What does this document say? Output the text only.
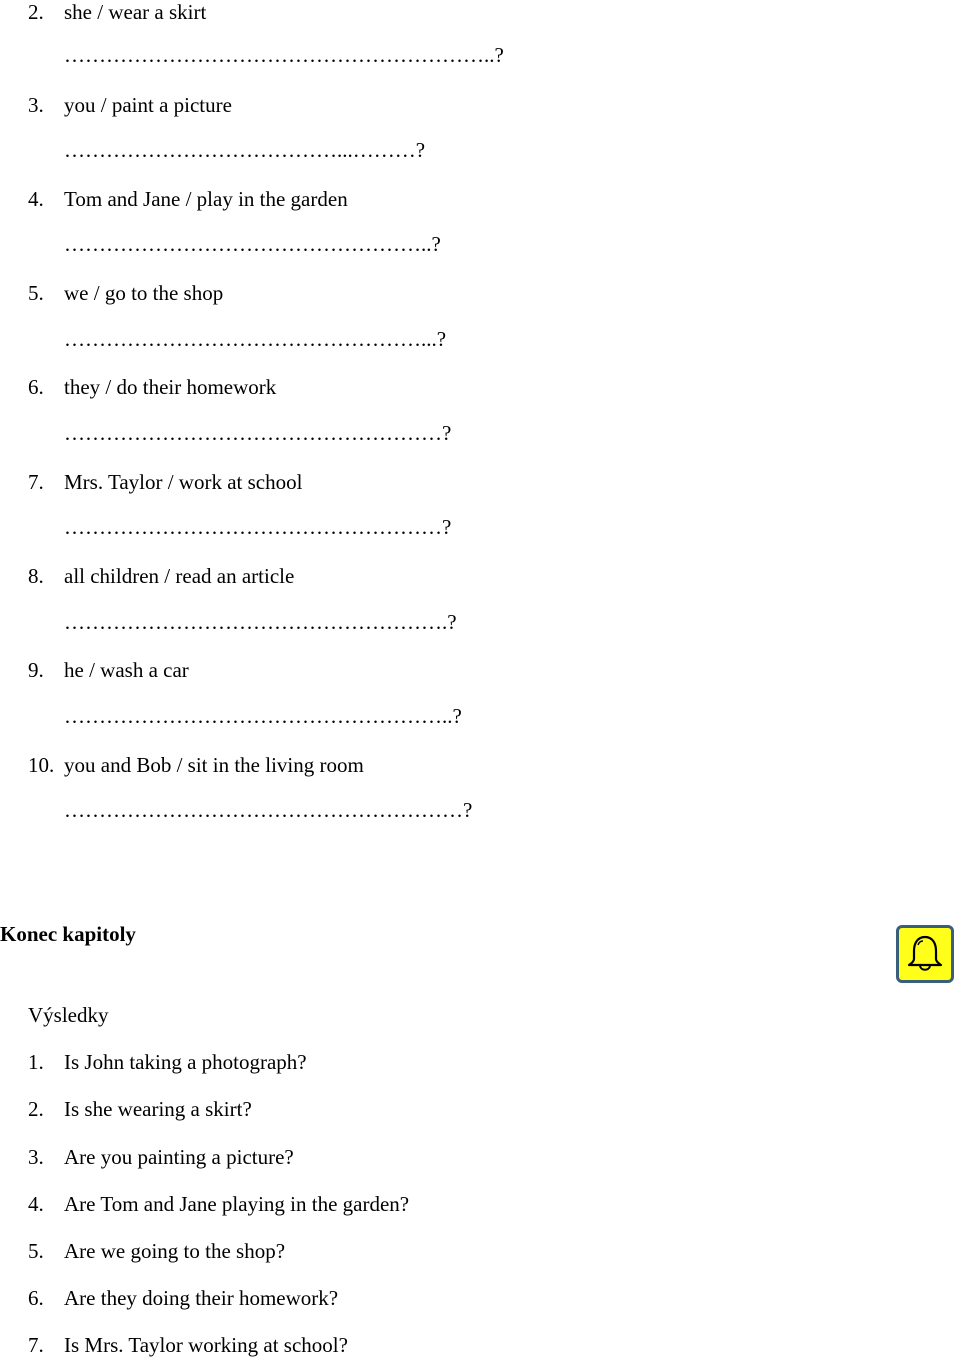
2. she / wear a skirt
……………………………………………………..?
3. you / paint a picture
…………………………………...………?
4. Tom and Jane / play in the garden
……………………………………………..?
5. we / go to the shop
……………………………………………...?
6. they / do their homework
………………………………………………?
7. Mrs. Taylor / work at school
………………………………………………?
8. all children / read an article
……………………………………………….?
9. he / wash a car
………………………………………………..?
10. you and Bob / sit in the living room
…………………………………………………?
Konec kapitoly
Výsledky
1. Is John taking a photograph?
2. Is she wearing a skirt?
3. Are you painting a picture?
4. Are Tom and Jane playing in the garden?
5. Are we going to the shop?
6. Are they doing their homework?
7. Is Mrs. Taylor working at school?
